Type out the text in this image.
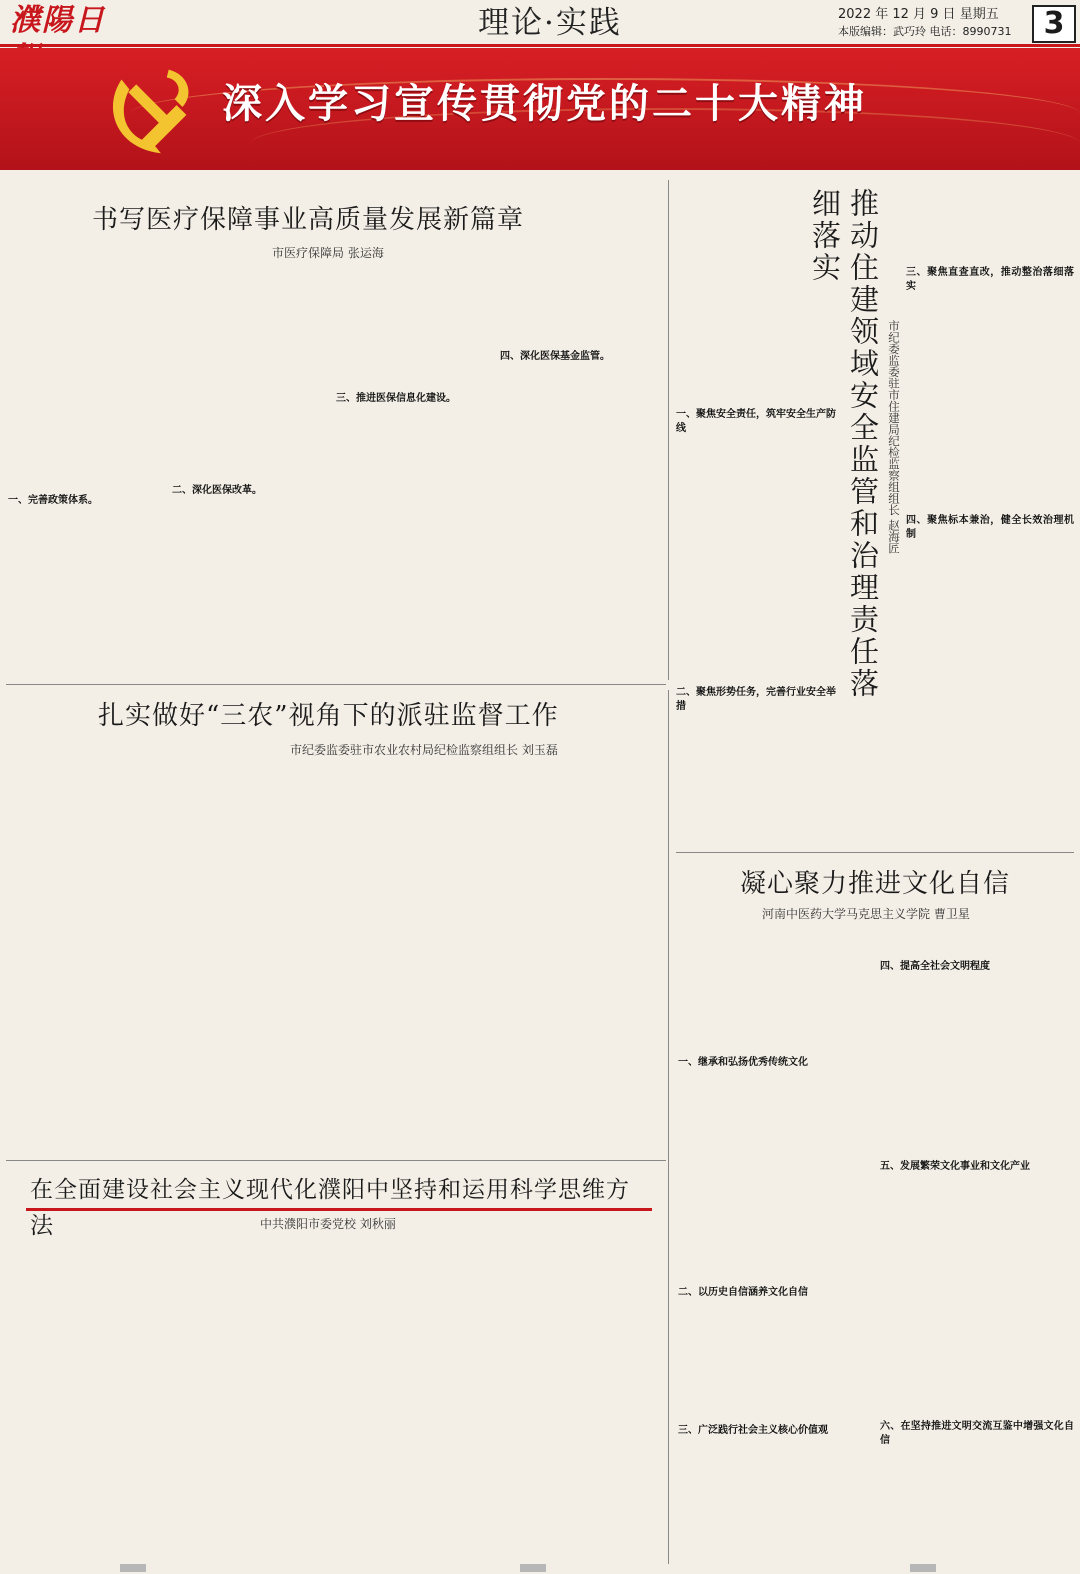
濮陽日	理论·实践	2022 年 12 月 9 日 星期五
本版编辑：武巧玲 电话：8990731	3
深入学习宣传贯彻党的二十大精神
书写医疗保障事业高质量发展新篇章
市医疗保障局 张运海
一、完善政策体系。
二、深化医保改革。
三、推进医保信息化建设。
四、深化医保基金监管。
一、聚焦安全责任，筑牢安全生产防线
二、聚焦形势任务，完善行业安全举措
推动住建领域安全监管和治理责任落细落实
市纪委监委驻市住建局纪检监察组组长 赵海匠
三、聚焦直查直改，推动整治落细落实
四、聚焦标本兼治，健全长效治理机制
扎实做好“三农”视角下的派驻监督工作
市纪委监委驻市农业农村局纪检监察组组长 刘玉磊
凝心聚力推进文化自信
河南中医药大学马克思主义学院 曹卫星
一、继承和弘扬优秀传统文化
二、以历史自信涵养文化自信
三、广泛践行社会主义核心价值观
四、提高全社会文明程度
五、发展繁荣文化事业和文化产业
六、在坚持推进文明交流互鉴中增强文化自信
在全面建设社会主义现代化濮阳中坚持和运用科学思维方法	中共濮阳市委党校 刘秋丽
